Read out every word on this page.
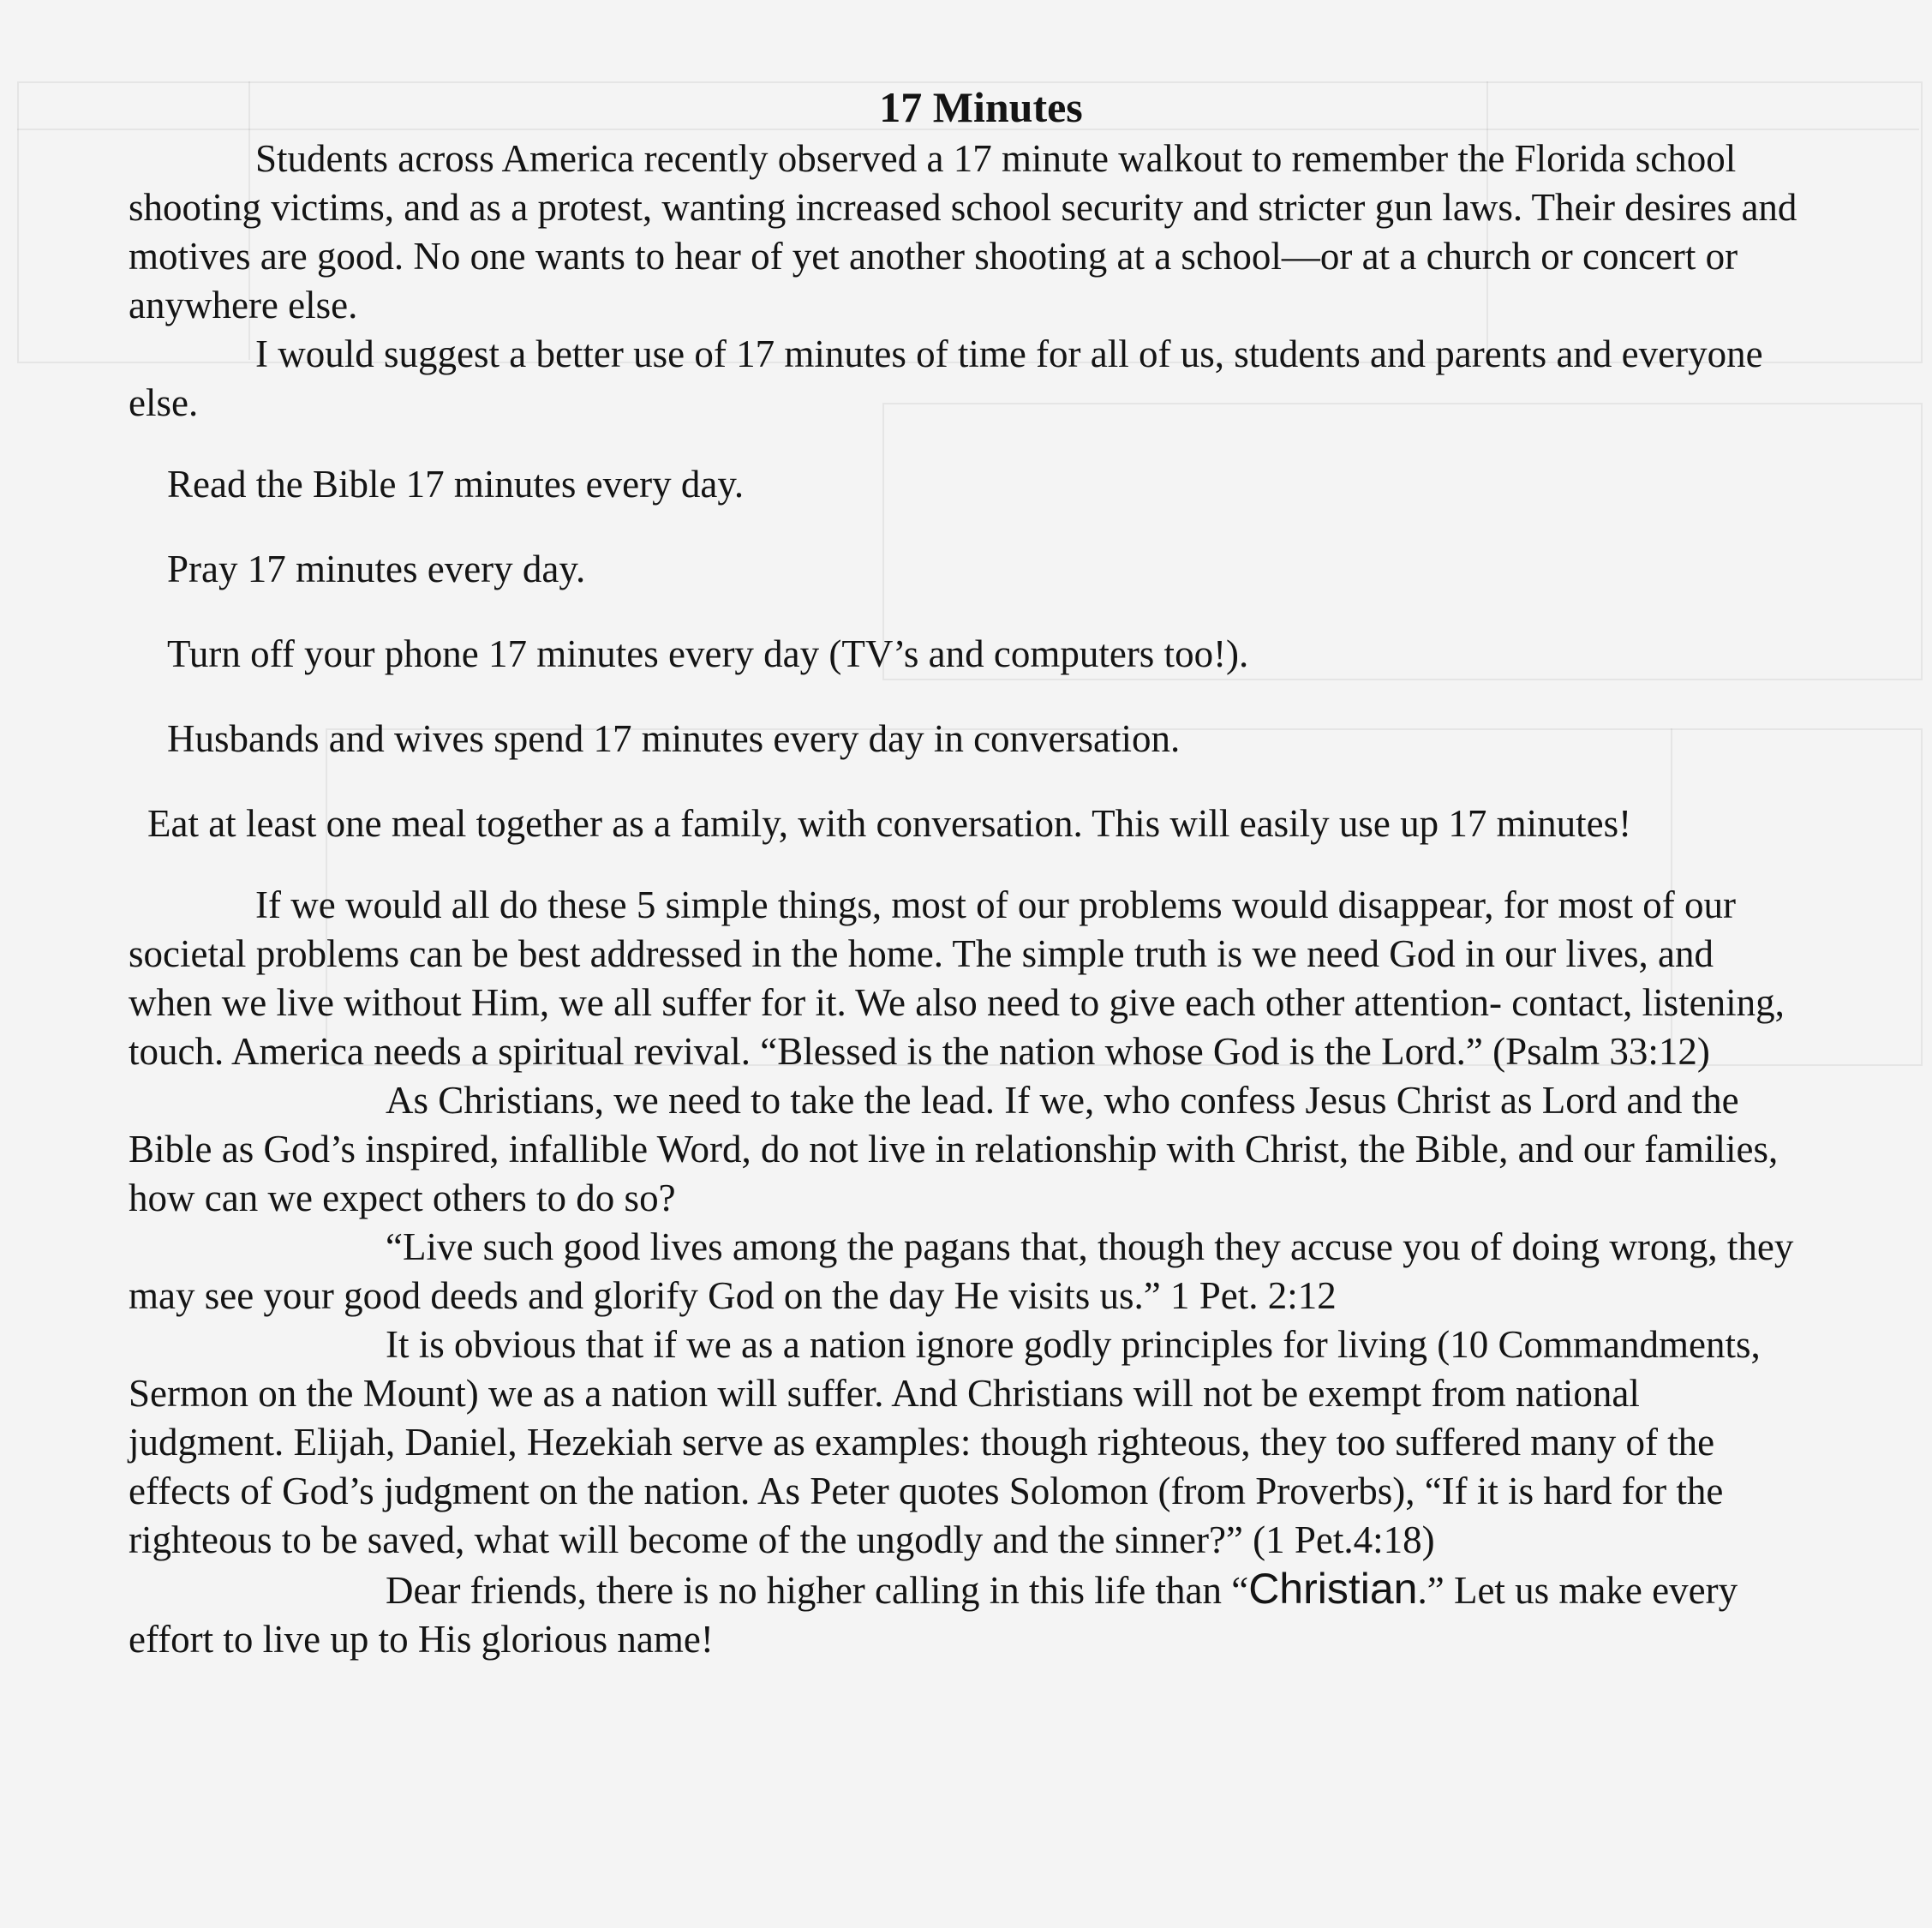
17 Minutes

Students across America recently observed a 17 minute walkout to remember the Florida school shooting victims, and as a protest, wanting increased school security and stricter gun laws. Their desires and motives are good. No one wants to hear of yet another shooting at a school—or at a church or concert or anywhere else.

I would suggest a better use of 17 minutes of time for all of us, students and parents and everyone else.

Read the Bible 17 minutes every day.

Pray 17 minutes every day.

Turn off your phone 17 minutes every day (TV’s and computers too!).

Husbands and wives spend 17 minutes every day in conversation.

Eat at least one meal together as a family, with conversation. This will easily use up 17 minutes!

If we would all do these 5 simple things, most of our problems would disappear, for most of our societal problems can be best addressed in the home. The simple truth is we need God in our lives, and when we live without Him, we all suffer for it. We also need to give each other attention- contact, listening, touch. America needs a spiritual revival. “Blessed is the nation whose God is the Lord.” (Psalm 33:12)

As Christians, we need to take the lead. If we, who confess Jesus Christ as Lord and the Bible as God’s inspired, infallible Word, do not live in relationship with Christ, the Bible, and our families, how can we expect others to do so?

“Live such good lives among the pagans that, though they accuse you of doing wrong, they may see your good deeds and glorify God on the day He visits us.” 1 Pet. 2:12

It is obvious that if we as a nation ignore godly principles for living (10 Commandments, Sermon on the Mount) we as a nation will suffer. And Christians will not be exempt from national judgment. Elijah, Daniel, Hezekiah serve as examples: though righteous, they too suffered many of the effects of God’s judgment on the nation. As Peter quotes Solomon (from Proverbs), “If it is hard for the righteous to be saved, what will become of the ungodly and the sinner?” (1 Pet.4:18)

Dear friends, there is no higher calling in this life than “Christian.” Let us make every effort to live up to His glorious name!
